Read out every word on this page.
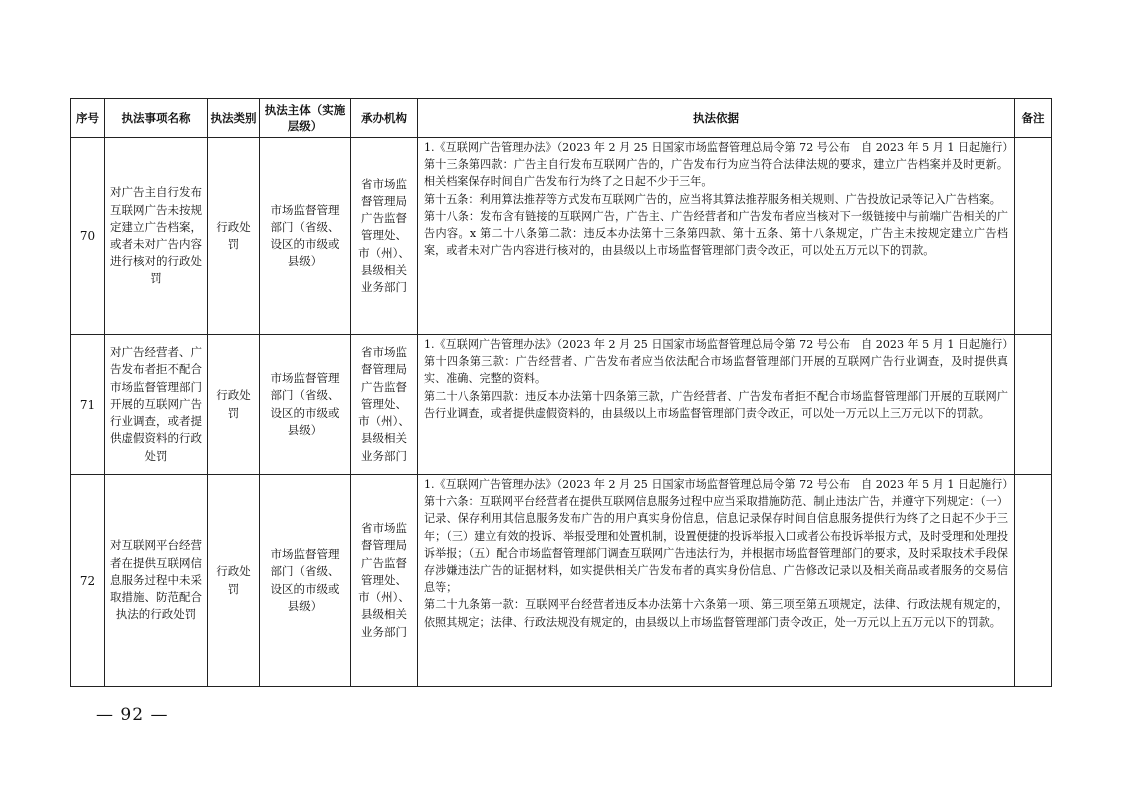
序号	执法事项名称	执法类别	执法主体（实施层级）	承办机构	执法依据	备注
70	对广告主自行发布互联网广告未按规定建立广告档案，或者未对广告内容进行核对的行政处罚	行政处罚	市场监督管理部门（省级、设区的市级或县级）	省市场监督管理局广告监督管理处、市（州）、县级相关业务部门	1.《互联网广告管理办法》（2023 年 2 月 25 日国家市场监督管理总局令第 72 号公布　自 2023 年 5 月 1 日起施行）

第十三条第四款：广告主自行发布互联网广告的，广告发布行为应当符合法律法规的要求，建立广告档案并及时更新。相关档案保存时间自广告发布行为终了之日起不少于三年。

第十五条：利用算法推荐等方式发布互联网广告的，应当将其算法推荐服务相关规则、广告投放记录等记入广告档案。

第十八条：发布含有链接的互联网广告，广告主、广告经营者和广告发布者应当核对下一级链接中与前端广告相关的广告内容。x 第二十八条第二款：违反本办法第十三条第四款、第十五条、第十八条规定，广告主未按规定建立广告档案，或者未对广告内容进行核对的，由县级以上市场监督管理部门责令改正，可以处五万元以下的罚款。	

71	对广告经营者、广告发布者拒不配合市场监督管理部门开展的互联网广告行业调查，或者提供虚假资料的行政处罚	行政处罚	市场监督管理部门（省级、设区的市级或县级）	省市场监督管理局广告监督管理处、市（州）、县级相关业务部门	1.《互联网广告管理办法》（2023 年 2 月 25 日国家市场监督管理总局令第 72 号公布　自 2023 年 5 月 1 日起施行）

第十四条第三款：广告经营者、广告发布者应当依法配合市场监督管理部门开展的互联网广告行业调查，及时提供真实、准确、完整的资料。

第二十八条第四款：违反本办法第十四条第三款，广告经营者、广告发布者拒不配合市场监督管理部门开展的互联网广告行业调查，或者提供虚假资料的，由县级以上市场监督管理部门责令改正，可以处一万元以上三万元以下的罚款。	

72	对互联网平台经营者在提供互联网信息服务过程中未采取措施、防范配合执法的行政处罚	行政处罚	市场监督管理部门（省级、设区的市级或县级）	省市场监督管理局广告监督管理处、市（州）、县级相关业务部门	1.《互联网广告管理办法》（2023 年 2 月 25 日国家市场监督管理总局令第 72 号公布　自 2023 年 5 月 1 日起施行）

第十六条：互联网平台经营者在提供互联网信息服务过程中应当采取措施防范、制止违法广告，并遵守下列规定：（一）记录、保存利用其信息服务发布广告的用户真实身份信息，信息记录保存时间自信息服务提供行为终了之日起不少于三年；（三）建立有效的投诉、举报受理和处置机制，设置便捷的投诉举报入口或者公布投诉举报方式，及时受理和处理投诉举报；（五）配合市场监督管理部门调查互联网广告违法行为，并根据市场监督管理部门的要求，及时采取技术手段保存涉嫌违法广告的证据材料，如实提供相关广告发布者的真实身份信息、广告修改记录以及相关商品或者服务的交易信息等；

第二十九条第一款：互联网平台经营者违反本办法第十六条第一项、第三项至第五项规定，法律、行政法规有规定的，依照其规定；法律、行政法规没有规定的，由县级以上市场监督管理部门责令改正，处一万元以上五万元以下的罚款。	

— 92 —
